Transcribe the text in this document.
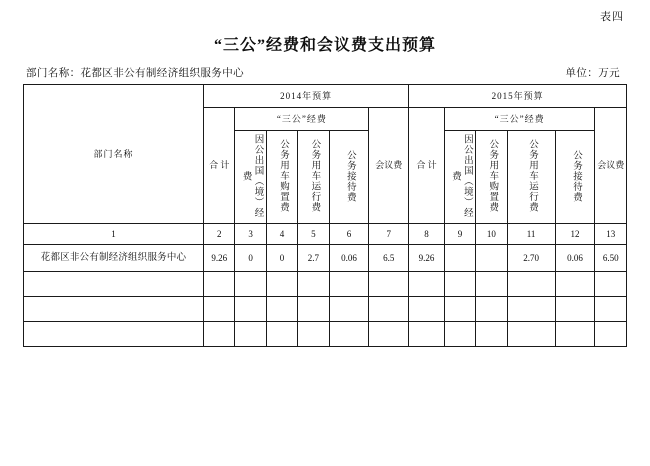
表四
“三公”经费和会议费支出预算
部门名称：花都区非公有制经济组织服务中心	单位：万元
部门名称	2014年预算						2015年预算					
	合 计	“三公”经费				会议费	合 计	“三公”经费				会议费
		因公出国（境）经费	公务用车购置费	公务用车运行费	公务接待费			因公出国（境）经费	公务用车购置费	公务用车运行费	公务接待费	
1	2	3	4	5	6	7	8	9	10	11	12	13
花都区非公有制经济组织服务中心	9.26	0	0	2.7	0.06	6.5	9.26			2.70	0.06	6.50
